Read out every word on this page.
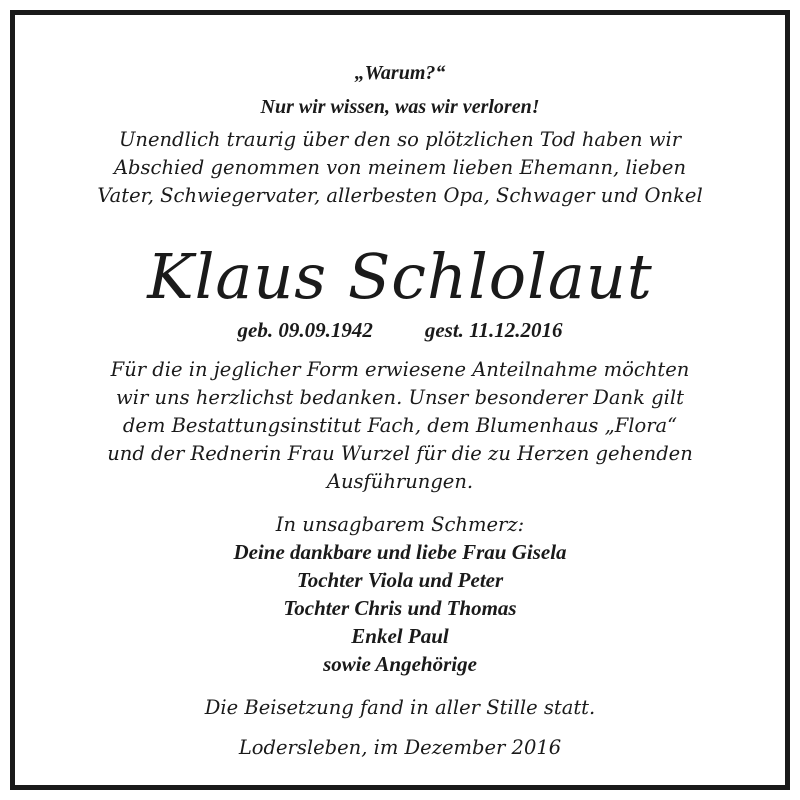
„Warum?“
Nur wir wissen, was wir verloren!
Unendlich traurig über den so plötzlichen Tod haben wir
Abschied genommen von meinem lieben Ehemann, lieben
Vater, Schwiegervater, allerbesten Opa, Schwager und Onkel
Klaus Schlolaut
geb. 09.09.1942 gest. 11.12.2016
Für die in jeglicher Form erwiesene Anteilnahme möchten
wir uns herzlichst bedanken. Unser besonderer Dank gilt
dem Bestattungsinstitut Fach, dem Blumenhaus „Flora“
und der Rednerin Frau Wurzel für die zu Herzen gehenden
Ausführungen.
In unsagbarem Schmerz:
Deine dankbare und liebe Frau Gisela
Tochter Viola und Peter
Tochter Chris und Thomas
Enkel Paul
sowie Angehörige
Die Beisetzung fand in aller Stille statt.
Lodersleben, im Dezember 2016
